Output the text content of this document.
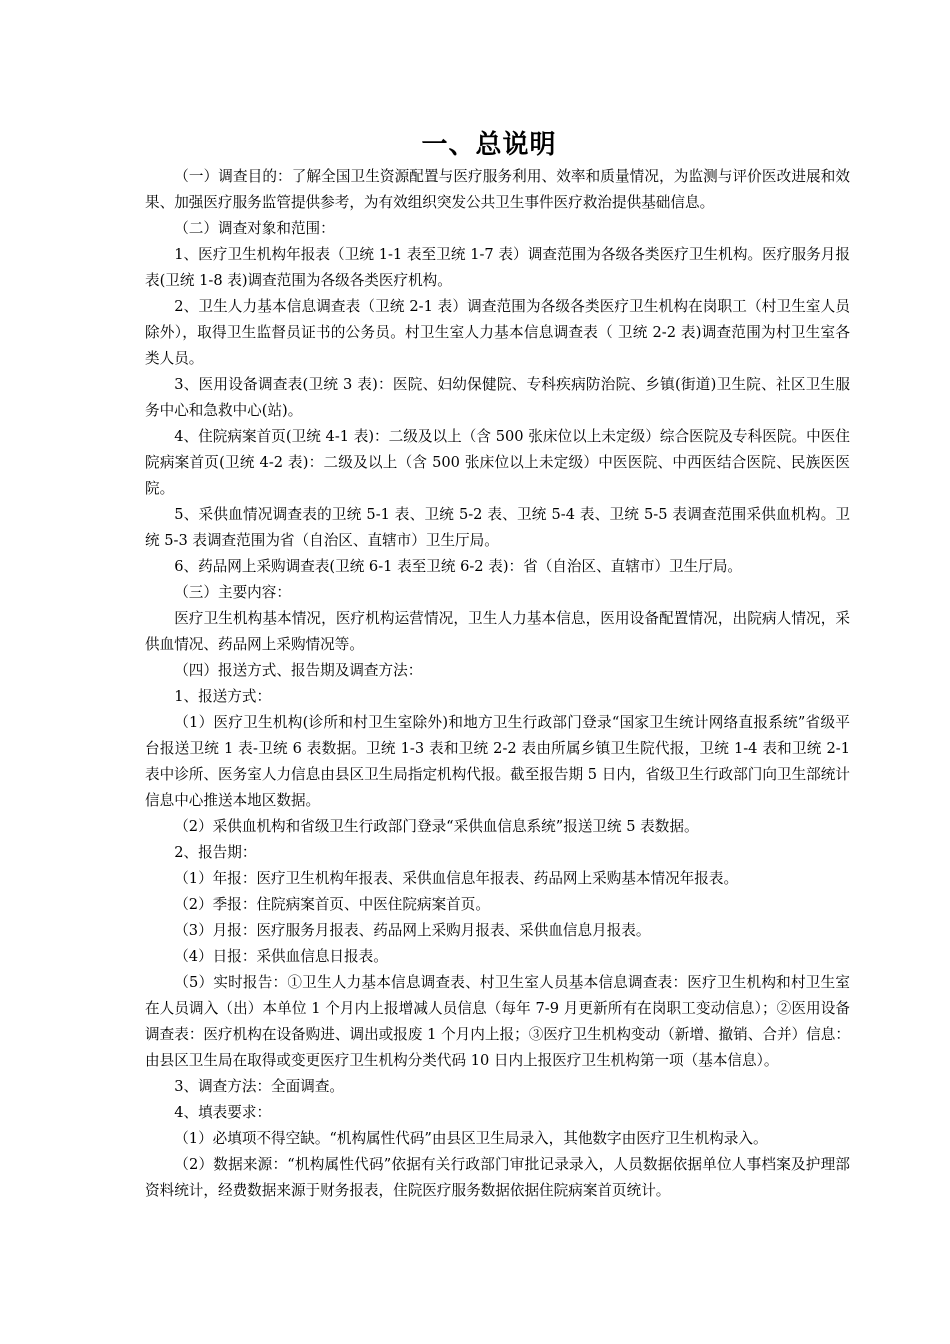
一、总说明

（一）调查目的：了解全国卫生资源配置与医疗服务利用、效率和质量情况，为监测与评价医改进展和效果、加强医疗服务监管提供参考，为有效组织突发公共卫生事件医疗救治提供基础信息。

（二）调查对象和范围：

1、医疗卫生机构年报表（卫统 1-1 表至卫统 1-7 表）调查范围为各级各类医疗卫生机构。医疗服务月报表(卫统 1-8 表)调查范围为各级各类医疗机构。

2、卫生人力基本信息调查表（卫统 2-1 表）调查范围为各级各类医疗卫生机构在岗职工（村卫生室人员除外），取得卫生监督员证书的公务员。村卫生室人力基本信息调查表（ 卫统 2-2 表)调查范围为村卫生室各类人员。

3、医用设备调查表(卫统 3 表)：医院、妇幼保健院、专科疾病防治院、乡镇(街道)卫生院、社区卫生服务中心和急救中心(站)。

4、住院病案首页(卫统 4-1 表)：二级及以上（含 500 张床位以上未定级）综合医院及专科医院。中医住院病案首页(卫统 4-2 表)：二级及以上（含 500 张床位以上未定级）中医医院、中西医结合医院、民族医医院。

5、采供血情况调查表的卫统 5-1 表、卫统 5-2 表、卫统 5-4 表、卫统 5-5 表调查范围采供血机构。卫统 5-3 表调查范围为省（自治区、直辖市）卫生厅局。

6、药品网上采购调查表(卫统 6-1 表至卫统 6-2 表)：省（自治区、直辖市）卫生厅局。

（三）主要内容：

医疗卫生机构基本情况，医疗机构运营情况，卫生人力基本信息，医用设备配置情况，出院病人情况，采供血情况、药品网上采购情况等。

（四）报送方式、报告期及调查方法：

1、报送方式：

（1）医疗卫生机构(诊所和村卫生室除外)和地方卫生行政部门登录“国家卫生统计网络直报系统”省级平台报送卫统 1 表-卫统 6 表数据。卫统 1-3 表和卫统 2-2 表由所属乡镇卫生院代报，卫统 1-4 表和卫统 2-1 表中诊所、医务室人力信息由县区卫生局指定机构代报。截至报告期 5 日内，省级卫生行政部门向卫生部统计信息中心推送本地区数据。

（2）采供血机构和省级卫生行政部门登录“采供血信息系统”报送卫统 5 表数据。

2、报告期：

（1）年报：医疗卫生机构年报表、采供血信息年报表、药品网上采购基本情况年报表。

（2）季报：住院病案首页、中医住院病案首页。

（3）月报：医疗服务月报表、药品网上采购月报表、采供血信息月报表。

（4）日报：采供血信息日报表。

（5）实时报告：①卫生人力基本信息调查表、村卫生室人员基本信息调查表：医疗卫生机构和村卫生室在人员调入（出）本单位 1 个月内上报增减人员信息（每年 7-9 月更新所有在岗职工变动信息）；②医用设备调查表：医疗机构在设备购进、调出或报废 1 个月内上报；③医疗卫生机构变动（新增、撤销、合并）信息：由县区卫生局在取得或变更医疗卫生机构分类代码 10 日内上报医疗卫生机构第一项（基本信息）。

3、调查方法：全面调查。

4、填表要求：

（1）必填项不得空缺。“机构属性代码”由县区卫生局录入，其他数字由医疗卫生机构录入。

（2）数据来源：“机构属性代码”依据有关行政部门审批记录录入，人员数据依据单位人事档案及护理部资料统计，经费数据来源于财务报表，住院医疗服务数据依据住院病案首页统计。
